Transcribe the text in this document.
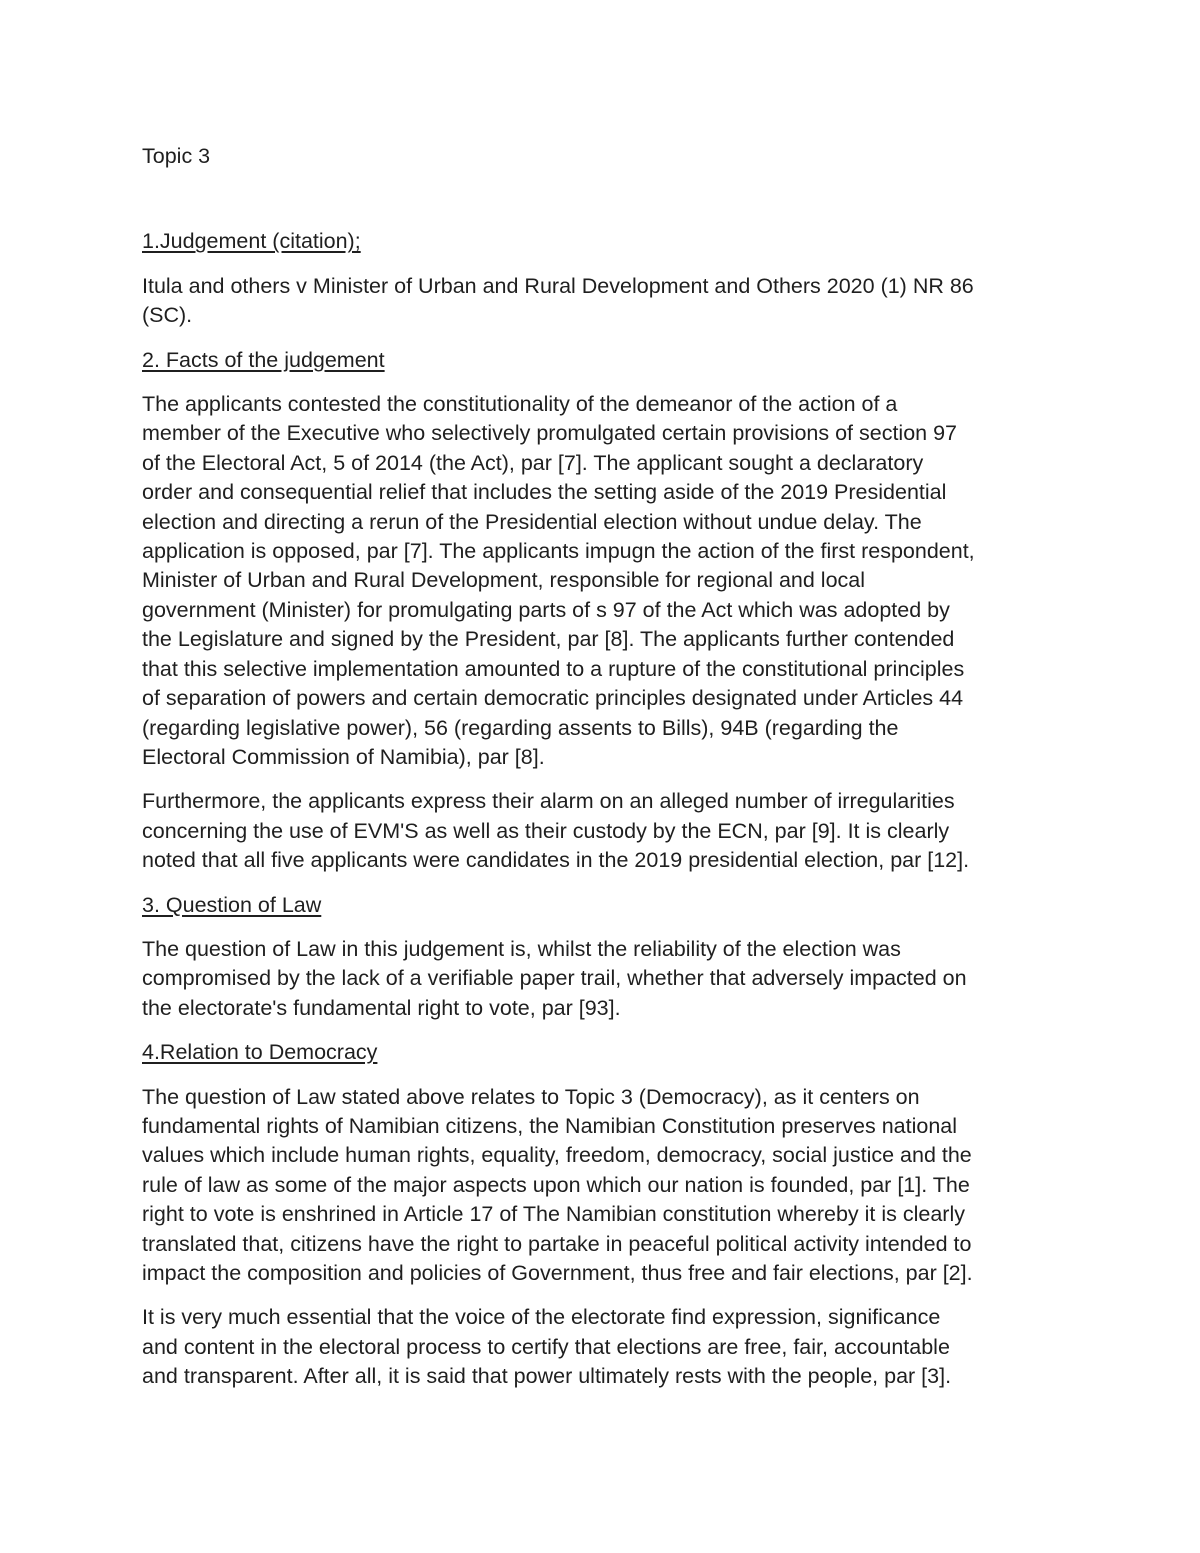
Topic 3
1.Judgement (citation);
Itula and others v Minister of Urban and Rural Development and Others 2020 (1) NR 86
(SC).
2. Facts of the judgement
The applicants contested the constitutionality of the demeanor of the action of a
member of the Executive who selectively promulgated certain provisions of section 97
of the Electoral Act, 5 of 2014 (the Act), par [7]. The applicant sought a declaratory
order and consequential relief that includes the setting aside of the 2019 Presidential
election and directing a rerun of the Presidential election without undue delay. The
application is opposed, par [7]. The applicants impugn the action of the first respondent,
Minister of Urban and Rural Development, responsible for regional and local
government (Minister) for promulgating parts of s 97 of the Act which was adopted by
the Legislature and signed by the President, par [8]. The applicants further contended
that this selective implementation amounted to a rupture of the constitutional principles
of separation of powers and certain democratic principles designated under Articles 44
(regarding legislative power), 56 (regarding assents to Bills), 94B (regarding the
Electoral Commission of Namibia), par [8].
Furthermore, the applicants express their alarm on an alleged number of irregularities
concerning the use of EVM'S as well as their custody by the ECN, par [9]. It is clearly
noted that all five applicants were candidates in the 2019 presidential election, par [12].
3. Question of Law
The question of Law in this judgement is, whilst the reliability of the election was
compromised by the lack of a verifiable paper trail, whether that adversely impacted on
the electorate's fundamental right to vote, par [93].
4.Relation to Democracy
The question of Law stated above relates to Topic 3 (Democracy), as it centers on
fundamental rights of Namibian citizens, the Namibian Constitution preserves national
values which include human rights, equality, freedom, democracy, social justice and the
rule of law as some of the major aspects upon which our nation is founded, par [1]. The
right to vote is enshrined in Article 17 of The Namibian constitution whereby it is clearly
translated that, citizens have the right to partake in peaceful political activity intended to
impact the composition and policies of Government, thus free and fair elections, par [2].
It is very much essential that the voice of the electorate find expression, significance
and content in the electoral process to certify that elections are free, fair, accountable
and transparent. After all, it is said that power ultimately rests with the people, par [3].
